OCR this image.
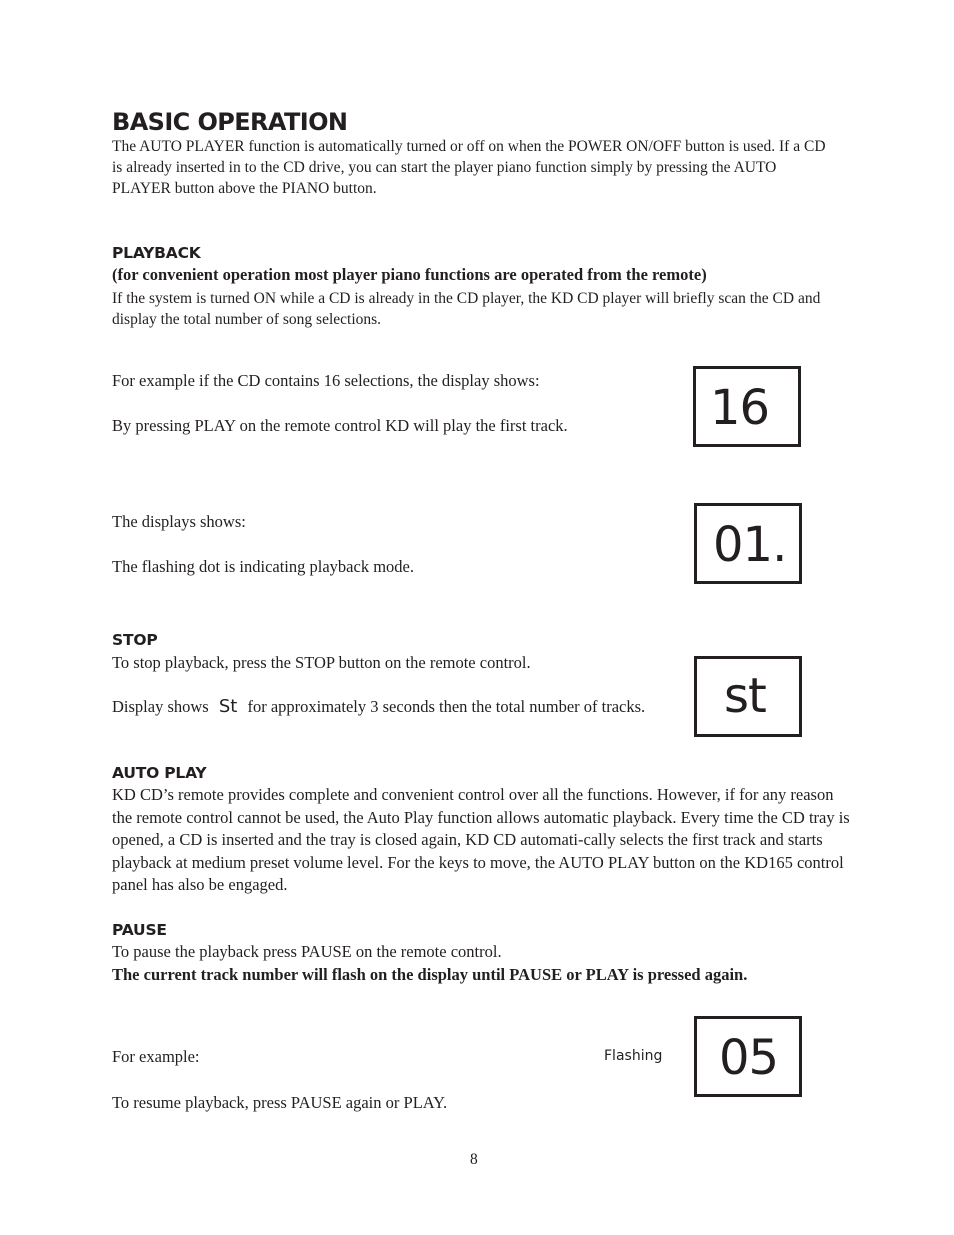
BASIC OPERATION
The AUTO PLAYER function is automatically turned or off on when the POWER ON/OFF button is used. If a CD is already inserted in to the CD drive, you can start the player piano function simply by pressing the AUTO PLAYER button above the PIANO button.
PLAYBACK
(for convenient operation most player piano functions are operated from the remote)
If the system is turned ON while a CD is already in the CD player, the KD CD player will briefly scan the CD and display the total number of song selections.
For example if the CD contains 16 selections, the display shows:
By pressing PLAY on the remote control KD will play the first track.	16
The displays shows:
The flashing dot is indicating playback mode.	01.
STOP
To stop playback, press the STOP button on the remote control.
Display shows St for approximately 3 seconds then the total number of tracks. st
AUTO PLAY
KD CD’s remote provides complete and convenient control over all the functions. However, if for any reason the remote control cannot be used, the Auto Play function allows automatic playback. Every time the CD tray is opened, a CD is inserted and the tray is closed again, KD CD automati-cally selects the first track and starts playback at medium preset volume level. For the keys to move, the AUTO PLAY button on the KD165 control panel has also be engaged.
PAUSE
To pause the playback press PAUSE on the remote control.
The current track number will flash on the display until PAUSE or PLAY is pressed again.
For example:	Flashing 05
To resume playback, press PAUSE again or PLAY.
8
